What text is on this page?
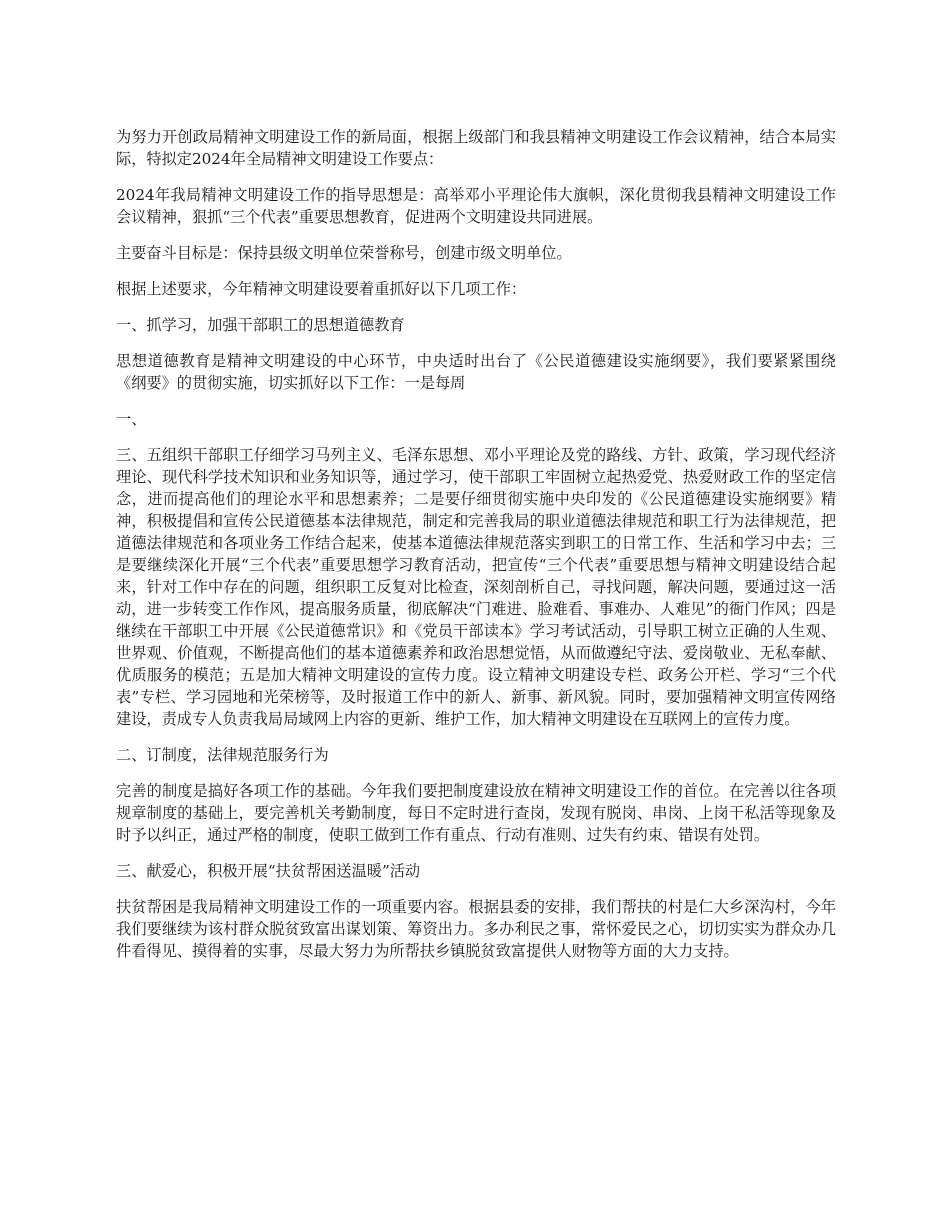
为努力开创政局精神文明建设工作的新局面，根据上级部门和我县精神文明建设工作会议精神，结合本局实际，特拟定2024年全局精神文明建设工作要点：

2024年我局精神文明建设工作的指导思想是：高举邓小平理论伟大旗帜，深化贯彻我县精神文明建设工作会议精神，狠抓“三个代表”重要思想教育，促进两个文明建设共同进展。

主要奋斗目标是：保持县级文明单位荣誉称号，创建市级文明单位。

根据上述要求，今年精神文明建设要着重抓好以下几项工作：

一、抓学习，加强干部职工的思想道德教育

思想道德教育是精神文明建设的中心环节，中央适时出台了《公民道德建设实施纲要》，我们要紧紧围绕《纲要》的贯彻实施，切实抓好以下工作：一是每周

一、

三、五组织干部职工仔细学习马列主义、毛泽东思想、邓小平理论及党的路线、方针、政策，学习现代经济理论、现代科学技术知识和业务知识等，通过学习，使干部职工牢固树立起热爱党、热爱财政工作的坚定信念，进而提高他们的理论水平和思想素养；二是要仔细贯彻实施中央印发的《公民道德建设实施纲要》精神，积极提倡和宣传公民道德基本法律规范，制定和完善我局的职业道德法律规范和职工行为法律规范，把道德法律规范和各项业务工作结合起来，使基本道德法律规范落实到职工的日常工作、生活和学习中去；三是要继续深化开展“三个代表”重要思想学习教育活动，把宣传“三个代表”重要思想与精神文明建设结合起来，针对工作中存在的问题，组织职工反复对比检查，深刻剖析自己，寻找问题，解决问题，要通过这一活动，进一步转变工作作风，提高服务质量，彻底解决“门难进、脸难看、事难办、人难见”的衙门作风；四是继续在干部职工中开展《公民道德常识》和《党员干部读本》学习考试活动，引导职工树立正确的人生观、世界观、价值观，不断提高他们的基本道德素养和政治思想觉悟，从而做遵纪守法、爱岗敬业、无私奉献、优质服务的模范；五是加大精神文明建设的宣传力度。设立精神文明建设专栏、政务公开栏、学习“三个代表”专栏、学习园地和光荣榜等，及时报道工作中的新人、新事、新风貌。同时，要加强精神文明宣传网络建设，责成专人负责我局局域网上内容的更新、维护工作，加大精神文明建设在互联网上的宣传力度。

二、订制度，法律规范服务行为

完善的制度是搞好各项工作的基础。今年我们要把制度建设放在精神文明建设工作的首位。在完善以往各项规章制度的基础上，要完善机关考勤制度，每日不定时进行查岗，发现有脱岗、串岗、上岗干私活等现象及时予以纠正，通过严格的制度，使职工做到工作有重点、行动有准则、过失有约束、错误有处罚。

三、献爱心，积极开展“扶贫帮困送温暖”活动

扶贫帮困是我局精神文明建设工作的一项重要内容。根据县委的安排，我们帮扶的村是仁大乡深沟村，今年我们要继续为该村群众脱贫致富出谋划策、筹资出力。多办利民之事，常怀爱民之心，切切实实为群众办几件看得见、摸得着的实事，尽最大努力为所帮扶乡镇脱贫致富提供人财物等方面的大力支持。
